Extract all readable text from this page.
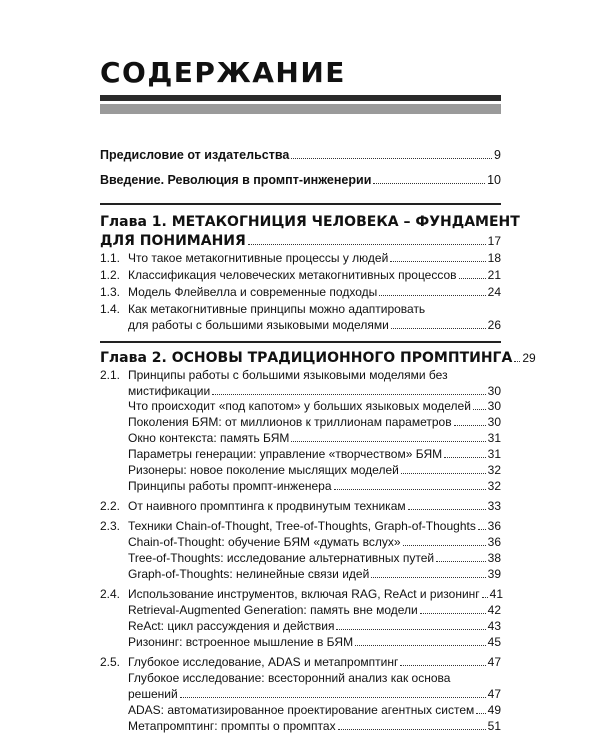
СОДЕРЖАНИЕ
Предисловие от издательства	9
Введение. Революция в промпт-инженерии	10
Глава 1. МЕТАКОГНИЦИЯ ЧЕЛОВЕКА – ФУНДАМЕНТ
ДЛЯ ПОНИМАНИЯ	17
1.1. Что такое метакогнитивные процессы у людей	18
1.2. Классификация человеческих метакогнитивных процессов	21
1.3. Модель Флейвелла и современные подходы	24
1.4. Как метакогнитивные принципы можно адаптировать
для работы с большими языковыми моделями	26
Глава 2. ОСНОВЫ ТРАДИЦИОННОГО ПРОМПТИНГА 29
2.1. Принципы работы с большими языковыми моделями без
мистификации	30
Что происходит «под капотом» у больших языковых моделей 30
Поколения БЯМ: от миллионов к триллионам параметров	30
Окно контекста: память БЯМ	31
Параметры генерации: управление «творчеством» БЯМ	31
Ризонеры: новое поколение мыслящих моделей	32
Принципы работы промпт-инженера	32
2.2. От наивного промптинга к продвинутым техникам	33
2.3. Техники Chain-of-Thought, Tree-of-Thoughts, Graph-of-Thoughts 36
Chain-of-Thought: обучение БЯМ «думать вслух»	36
Tree-of-Thoughts: исследование альтернативных путей	38
Graph-of-Thoughts: нелинейные связи идей	39
2.4. Использование инструментов, включая RAG, ReAct и ризонинг 41
Retrieval-Augmented Generation: память вне модели	42
ReAct: цикл рассуждения и действия	43
Ризонинг: встроенное мышление в БЯМ	45
2.5. Глубокое исследование, ADAS и метапромптинг	47
Глубокое исследование: всесторонний анализ как основа
решений	47
ADAS: автоматизированное проектирование агентных систем 49
Метапромптинг: промпты о промптах	51
